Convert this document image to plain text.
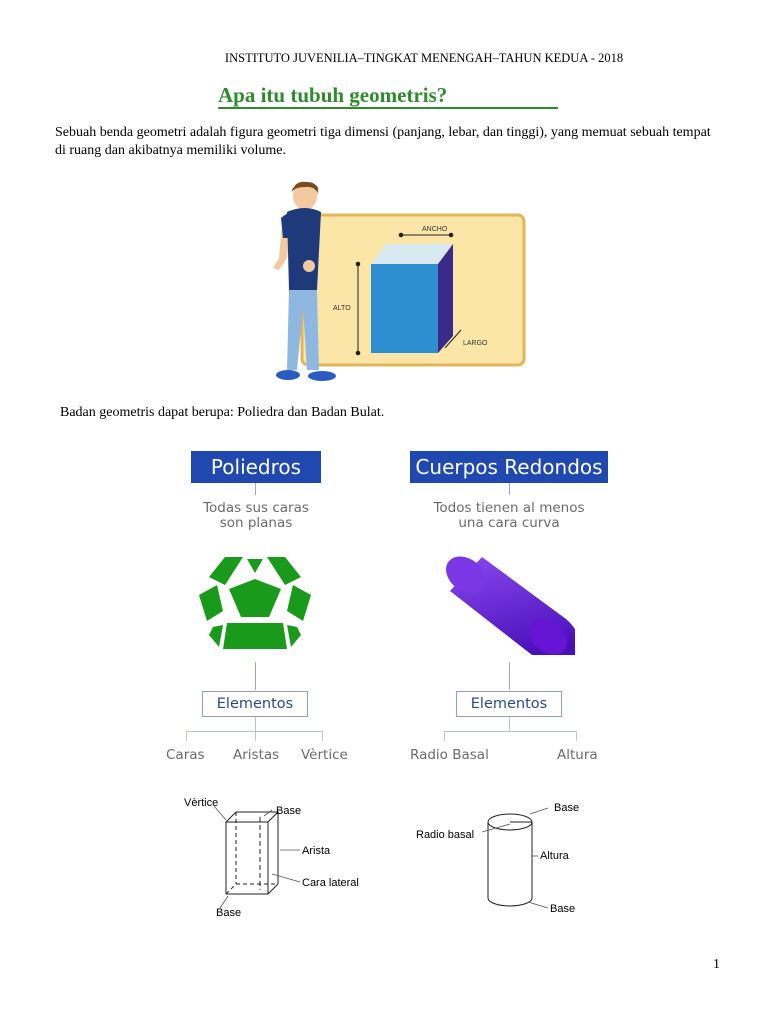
INSTITUTO JUVENILIA–TINGKAT MENENGAH–TAHUN KEDUA - 2018
Apa itu tubuh geometris?
Sebuah benda geometri adalah figura geometri tiga dimensi (panjang, lebar, dan tinggi), yang memuat sebuah tempat di ruang dan akibatnya memiliki volume.
ANCHO
ALTO
LARGO
Badan geometris dapat berupa: Poliedra dan Badan Bulat.
Poliedros
Todas sus caras
son planas
Elementos
Caras Aristas Vèrtice
Cuerpos Redondos
Todos tienen al menos
una cara curva
Elementos
Radio Basal	Altura
Vèrtice
Base
Arista
Cara lateral
Base
Base
Radio basal
Altura
Base
1
